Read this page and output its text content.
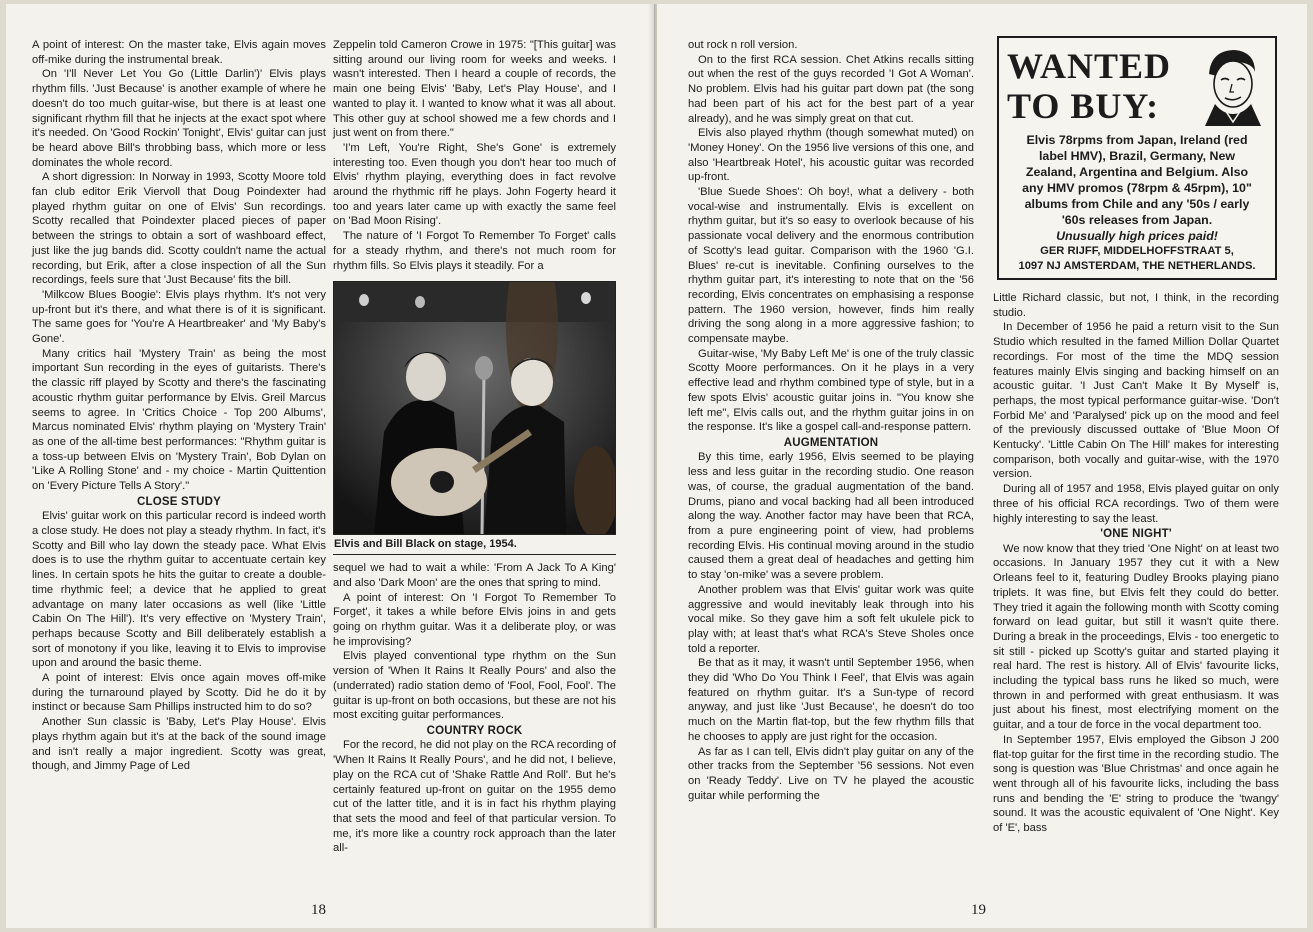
A point of interest: On the master take, Elvis again moves off-mike during the instrumental break.

On 'I'll Never Let You Go (Little Darlin')' Elvis plays rhythm fills. 'Just Because' is another example of where he doesn't do too much guitar-wise, but there is at least one significant rhythm fill that he injects at the exact spot where it's needed. On 'Good Rockin' Tonight', Elvis' guitar can just be heard above Bill's throbbing bass, which more or less dominates the whole record.

A short digression: In Norway in 1993, Scotty Moore told fan club editor Erik Viervoll that Doug Poindexter had played rhythm guitar on one of Elvis' Sun recordings. Scotty recalled that Poindexter placed pieces of paper between the strings to obtain a sort of washboard effect, just like the jug bands did. Scotty couldn't name the actual recording, but Erik, after a close inspection of all the Sun recordings, feels sure that 'Just Because' fits the bill.

'Milkcow Blues Boogie': Elvis plays rhythm. It's not very up-front but it's there, and what there is of it is significant. The same goes for 'You're A Heartbreaker' and 'My Baby's Gone'.

Many critics hail 'Mystery Train' as being the most important Sun recording in the eyes of guitarists. There's the classic riff played by Scotty and there's the fascinating acoustic rhythm guitar performance by Elvis. Greil Marcus seems to agree. In 'Critics Choice - Top 200 Albums', Marcus nominated Elvis' rhythm playing on 'Mystery Train' as one of the all-time best performances: "Rhythm guitar is a toss-up between Elvis on 'Mystery Train', Bob Dylan on 'Like A Rolling Stone' and - my choice - Martin Quittention on 'Every Picture Tells A Story'."

CLOSE STUDY

Elvis' guitar work on this particular record is indeed worth a close study. He does not play a steady rhythm. In fact, it's Scotty and Bill who lay down the steady pace. What Elvis does is to use the rhythm guitar to accentuate certain key lines. In certain spots he hits the guitar to create a double-time rhythmic feel; a device that he applied to great advantage on many later occasions as well (like 'Little Cabin On The Hill'). It's very effective on 'Mystery Train', perhaps because Scotty and Bill deliberately establish a sort of monotony if you like, leaving it to Elvis to improvise upon and around the basic theme.

A point of interest: Elvis once again moves off-mike during the turnaround played by Scotty. Did he do it by instinct or because Sam Phillips instructed him to do so?

Another Sun classic is 'Baby, Let's Play House'. Elvis plays rhythm again but it's at the back of the sound image and isn't really a major ingredient. Scotty was great, though, and Jimmy Page of Led

Zeppelin told Cameron Crowe in 1975: "[This guitar] was sitting around our living room for weeks and weeks. I wasn't interested. Then I heard a couple of records, the main one being Elvis' 'Baby, Let's Play House', and I wanted to play it. I wanted to know what it was all about. This other guy at school showed me a few chords and I just went on from there."

'I'm Left, You're Right, She's Gone' is extremely interesting too. Even though you don't hear too much of Elvis' rhythm playing, everything does in fact revolve around the rhythmic riff he plays. John Fogerty heard it too and years later came up with exactly the same feel on 'Bad Moon Rising'.

The nature of 'I Forgot To Remember To Forget' calls for a steady rhythm, and there's not much room for rhythm fills. So Elvis plays it steadily. For a

Elvis and Bill Black on stage, 1954.

sequel we had to wait a while: 'From A Jack To A King' and also 'Dark Moon' are the ones that spring to mind.

A point of interest: On 'I Forgot To Remember To Forget', it takes a while before Elvis joins in and gets going on rhythm guitar. Was it a deliberate ploy, or was he improvising?

Elvis played conventional type rhythm on the Sun version of 'When It Rains It Really Pours' and also the (underrated) radio station demo of 'Fool, Fool, Fool'. The guitar is up-front on both occasions, but these are not his most exciting guitar performances.

COUNTRY ROCK

For the record, he did not play on the RCA recording of 'When It Rains It Really Pours', and he did not, I believe, play on the RCA cut of 'Shake Rattle And Roll'. But he's certainly featured up-front on guitar on the 1955 demo cut of the latter title, and it is in fact his rhythm playing that sets the mood and feel of that particular version. To me, it's more like a country rock approach than the later all-

18

out rock n roll version.

On to the first RCA session. Chet Atkins recalls sitting out when the rest of the guys recorded 'I Got A Woman'. No problem. Elvis had his guitar part down pat (the song had been part of his act for the best part of a year already), and he was simply great on that cut.

Elvis also played rhythm (though somewhat muted) on 'Money Honey'. On the 1956 live versions of this one, and also 'Heartbreak Hotel', his acoustic guitar was recorded up-front.

'Blue Suede Shoes': Oh boy!, what a delivery - both vocal-wise and instrumentally. Elvis is excellent on rhythm guitar, but it's so easy to overlook because of his passionate vocal delivery and the enormous contribution of Scotty's lead guitar. Comparison with the 1960 'G.I. Blues' re-cut is inevitable. Confining ourselves to the rhythm guitar part, it's interesting to note that on the '56 recording, Elvis concentrates on emphasising a response pattern. The 1960 version, however, finds him really driving the song along in a more aggressive fashion; to compensate maybe.

Guitar-wise, 'My Baby Left Me' is one of the truly classic Scotty Moore performances. On it he plays in a very effective lead and rhythm combined type of style, but in a few spots Elvis' acoustic guitar joins in. "You know she left me", Elvis calls out, and the rhythm guitar joins in on the response. It's like a gospel call-and-response pattern.

AUGMENTATION

By this time, early 1956, Elvis seemed to be playing less and less guitar in the recording studio. One reason was, of course, the gradual augmentation of the band. Drums, piano and vocal backing had all been introduced along the way. Another factor may have been that RCA, from a pure engineering point of view, had problems recording Elvis. His continual moving around in the studio caused them a great deal of headaches and getting him to stay 'on-mike' was a severe problem.

Another problem was that Elvis' guitar work was quite aggressive and would inevitably leak through into his vocal mike. So they gave him a soft felt ukulele pick to play with; at least that's what RCA's Steve Sholes once told a reporter.

Be that as it may, it wasn't until September 1956, when they did 'Who Do You Think I Feel', that Elvis was again featured on rhythm guitar. It's a Sun-type of record anyway, and just like 'Just Because', he doesn't do too much on the Martin flat-top, but the few rhythm fills that he chooses to apply are just right for the occasion.

As far as I can tell, Elvis didn't play guitar on any of the other tracks from the September '56 sessions. Not even on 'Ready Teddy'. Live on TV he played the acoustic guitar while performing the

WANTED
TO BUY:
Elvis 78rpms from Japan, Ireland (red
label HMV), Brazil, Germany, New
Zealand, Argentina and Belgium. Also
any HMV promos (78rpm & 45rpm), 10"
albums from Chile and any '50s / early
'60s releases from Japan.
Unusually high prices paid!
GER RIJFF, MIDDELHOFFSTRAAT 5,
1097 NJ AMSTERDAM, THE NETHERLANDS.

Little Richard classic, but not, I think, in the recording studio.

In December of 1956 he paid a return visit to the Sun Studio which resulted in the famed Million Dollar Quartet recordings. For most of the time the MDQ session features mainly Elvis singing and backing himself on an acoustic guitar. 'I Just Can't Make It By Myself' is, perhaps, the most typical performance guitar-wise. 'Don't Forbid Me' and 'Paralysed' pick up on the mood and feel of the previously discussed outtake of 'Blue Moon Of Kentucky'. 'Little Cabin On The Hill' makes for interesting comparison, both vocally and guitar-wise, with the 1970 version.

During all of 1957 and 1958, Elvis played guitar on only three of his official RCA recordings. Two of them were highly interesting to say the least.

'ONE NIGHT'

We now know that they tried 'One Night' on at least two occasions. In January 1957 they cut it with a New Orleans feel to it, featuring Dudley Brooks playing piano triplets. It was fine, but Elvis felt they could do better. They tried it again the following month with Scotty coming forward on lead guitar, but still it wasn't quite there. During a break in the proceedings, Elvis - too energetic to sit still - picked up Scotty's guitar and started playing it real hard. The rest is history. All of Elvis' favourite licks, including the typical bass runs he liked so much, were thrown in and performed with great enthusiasm. It was just about his finest, most electrifying moment on the guitar, and a tour de force in the vocal department too.

In September 1957, Elvis employed the Gibson J 200 flat-top guitar for the first time in the recording studio. The song is question was 'Blue Christmas' and once again he went through all of his favourite licks, including the bass runs and bending the 'E' string to produce the 'twangy' sound. It was the acoustic equivalent of 'One Night'. Key of 'E', bass

19
